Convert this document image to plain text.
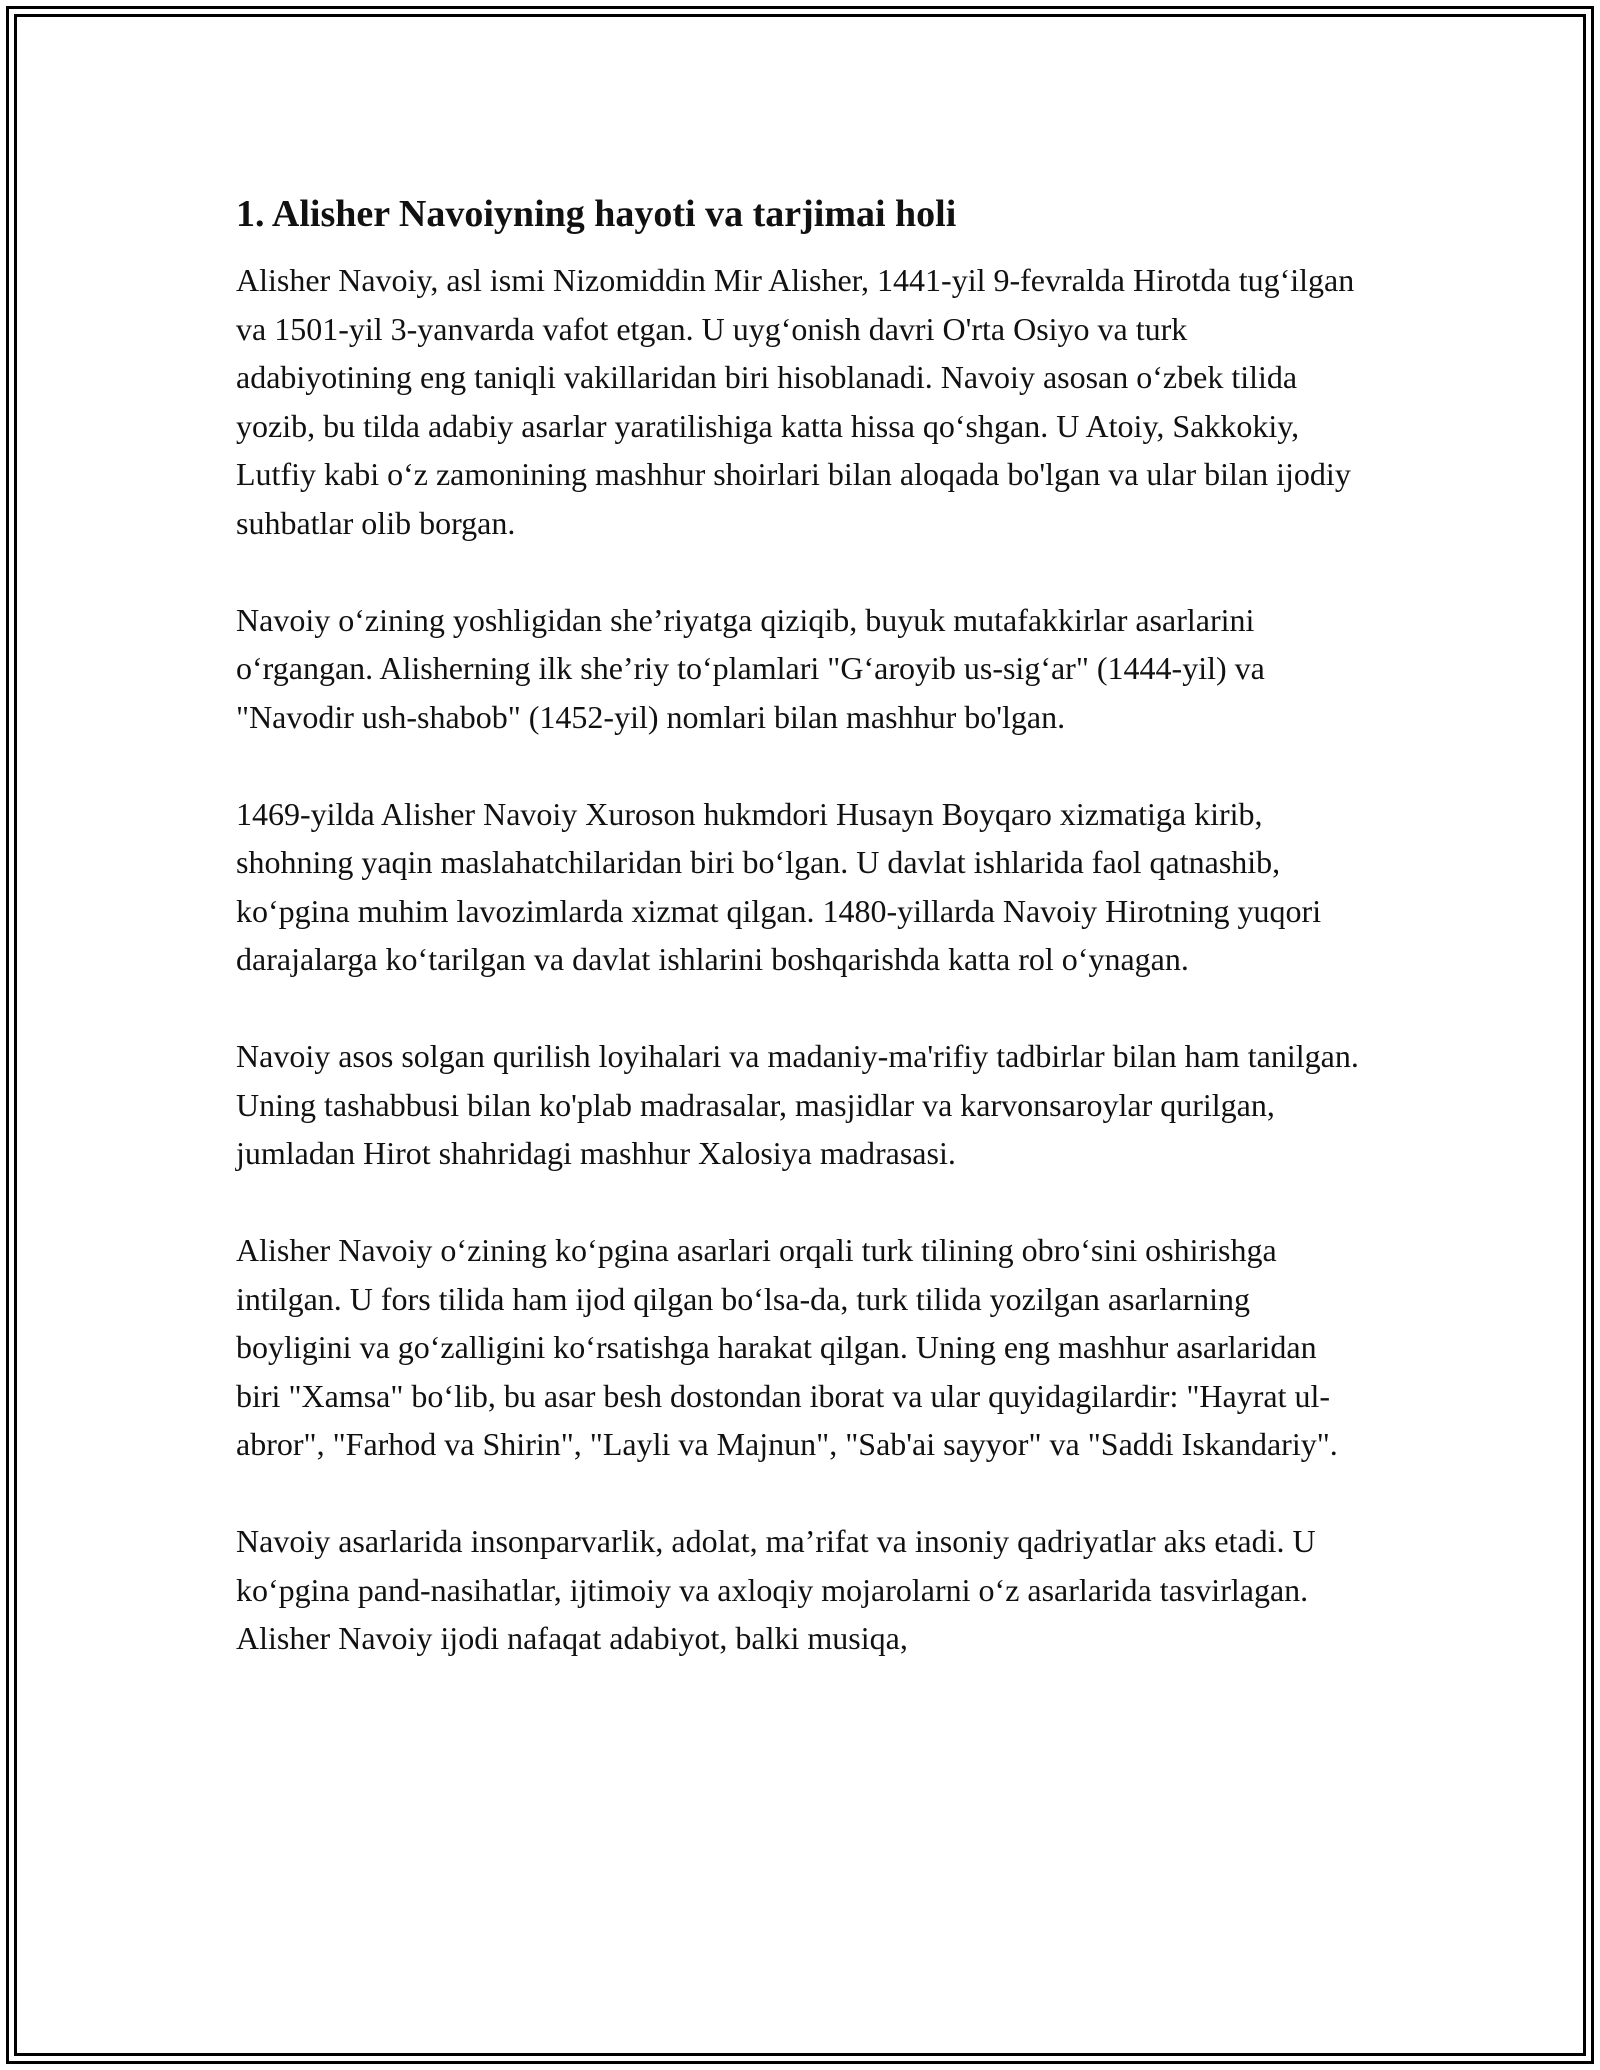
1. Alisher Navoiyning hayoti va tarjimai holi

Alisher Navoiy, asl ismi Nizomiddin Mir Alisher, 1441-yil 9-fevralda Hirotda tug‘ilgan va 1501-yil 3-yanvarda vafot etgan. U uyg‘onish davri O'rta Osiyo va turk adabiyotining eng taniqli vakillaridan biri hisoblanadi. Navoiy asosan o‘zbek tilida yozib, bu tilda adabiy asarlar yaratilishiga katta hissa qo‘shgan. U Atoiy, Sakkokiy, Lutfiy kabi o‘z zamonining mashhur shoirlari bilan aloqada bo'lgan va ular bilan ijodiy suhbatlar olib borgan.

Navoiy o‘zining yoshligidan she’riyatga qiziqib, buyuk mutafakkirlar asarlarini o‘rgangan. Alisherning ilk she’riy to‘plamlari "G‘aroyib us-sig‘ar" (1444-yil) va "Navodir ush-shabob" (1452-yil) nomlari bilan mashhur bo'lgan.

1469-yilda Alisher Navoiy Xuroson hukmdori Husayn Boyqaro xizmatiga kirib, shohning yaqin maslahatchilaridan biri bo‘lgan. U davlat ishlarida faol qatnashib, ko‘pgina muhim lavozimlarda xizmat qilgan. 1480-yillarda Navoiy Hirotning yuqori darajalarga ko‘tarilgan va davlat ishlarini boshqarishda katta rol o‘ynagan.

Navoiy asos solgan qurilish loyihalari va madaniy-ma'rifiy tadbirlar bilan ham tanilgan. Uning tashabbusi bilan ko'plab madrasalar, masjidlar va karvonsaroylar qurilgan, jumladan Hirot shahridagi mashhur Xalosiya madrasasi.

Alisher Navoiy o‘zining ko‘pgina asarlari orqali turk tilining obro‘sini oshirishga intilgan. U fors tilida ham ijod qilgan bo‘lsa-da, turk tilida yozilgan asarlarning boyligini va go‘zalligini ko‘rsatishga harakat qilgan. Uning eng mashhur asarlaridan biri "Xamsa" bo‘lib, bu asar besh dostondan iborat va ular quyidagilardir: "Hayrat ul-abror", "Farhod va Shirin", "Layli va Majnun", "Sab'ai sayyor" va "Saddi Iskandariy".

Navoiy asarlarida insonparvarlik, adolat, ma’rifat va insoniy qadriyatlar aks etadi. U ko‘pgina pand-nasihatlar, ijtimoiy va axloqiy mojarolarni o‘z asarlarida tasvirlagan. Alisher Navoiy ijodi nafaqat adabiyot, balki musiqa,
